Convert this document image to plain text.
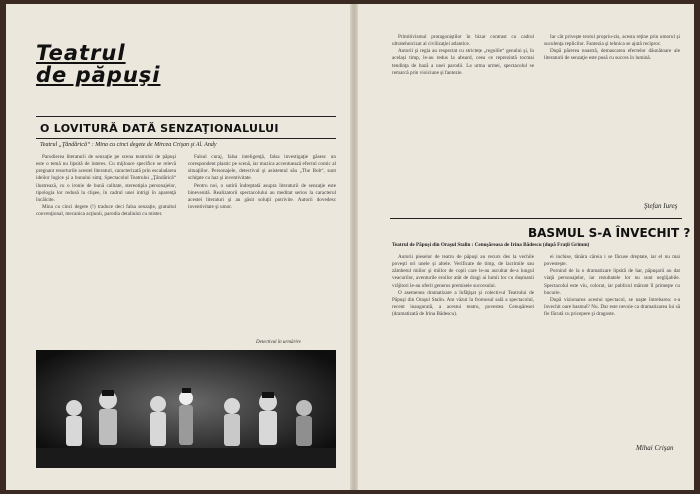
Teatrul
de păpuşi
O LOVITURĂ DATĂ SENZAŢIONALULUI
Teatrul „Ţăndărică“ : Mina cu cinci degete de Mircea Crişan şi Al. Andy

Parodierea literaturii de senzaţie pe scena teatrului de păpuşi este o temă nu lipsită de interes. Cu mijloace specifice se relevă pregnant resorturile acestei literaturi, caracterizată prin escaladarea ideilor logice şi a bunului simţ. Spectacolul Teatrului „Ţăndărică“ ilustrează, cu o ironie de bună calitate, stereotipia personajelor, tipologia lor redusă la clişee, în cadrul unei intrigi în aparenţă încâlcite.

Mina cu cinci degete (!) traduce deci falsa senzaţie, gratuitul convenţional, mecanica acţiunii, parodia detaliului cu mister.

Falsul curaj, falsa inteligenţă, falsa investigaţie găsesc un corespondent plastic pe scenă, iar muzica accentuează efectul comic al situaţiilor. Personajele, detectivul şi asistentul său „The Bob“, sunt schiţate cu haz şi inventivitate.

Pentru noi, o satiră îndreptată asupra literaturii de senzaţie este binevenită. Realizatorii spectacolului au meditat serios la caracterul acestei literaturi şi au găsit soluţii potrivite. Autorii dovedesc inventivitate şi umor.

Detectivul în urmărire

Primitivismul protagoniştilor în bizar contrast cu cadrul ultratehnicizat al civilizaţiei atlantice.

Autorii şi regia au respectat cu strictețe „regulile“ genului şi, în același timp, le-au redus la absurd, ceea ce reprezintă tocmai tendinţa de bază a unei parodii. La urma urmei, spectacolul se remarcă prin vioiciune şi fantezie.

Iar cât priveşte textul propriu-zis, acesta reţine prin umorul şi suculenţa replicilor. Fantezia şi tehnica se ajută reciproc.

După părerea noastră, demascarea efectelor dăunătoare ale literaturii de senzaţie este pusă cu succes în lumină.

Ştefan Iureş
BASMUL S-A ÎNVECHIT ?
Teatrul de Păpuşi din Oraşul Stalin : Cenuşăreasa de Irina Bădescu (după Fraţii Grimm)

Autorii pieselor de teatru de păpuşi au recurs des la vechile poveşti ori unele şi altele. Verificate de timp, de lacrimile sau zâmbetul miilor şi miilor de copii care le-au ascultat de-a lungul veacurilor, aventurile eroilor atât de dragi ai lumii lor cu dușmanii vrăjitori le-au oferit generos premisele succesului.

O asemenea dramatizare a înfăţişat şi colectivul Teatrului de Păpuşi din Oraşul Stalin. Am văzut la fromosul sală a spectacolul, recent inaugurată, a acestui teatru, povestea Cenuşăresei (dramatizată de Irina Bădescu).

ei inchise, tânăra căreia i se făcuse dreptate, iar el nu mai povesteşte.

Pornind de la o dramatizare lipsită de har, păpuşarii au dat viaţă personajelor, iar rezultatele lor nu sunt neglijabile. Spectacolul este viu, colorat, iar publicul mărunt îl primeşte cu bucurie.

După vizionarea acestui spectacol, se naşte întrebarea: s-a învechit oare basmul? Nu. Dar este nevoie ca dramatizarea lui să fie făcută cu pricepere şi dragoste.

Mihai Crişan
